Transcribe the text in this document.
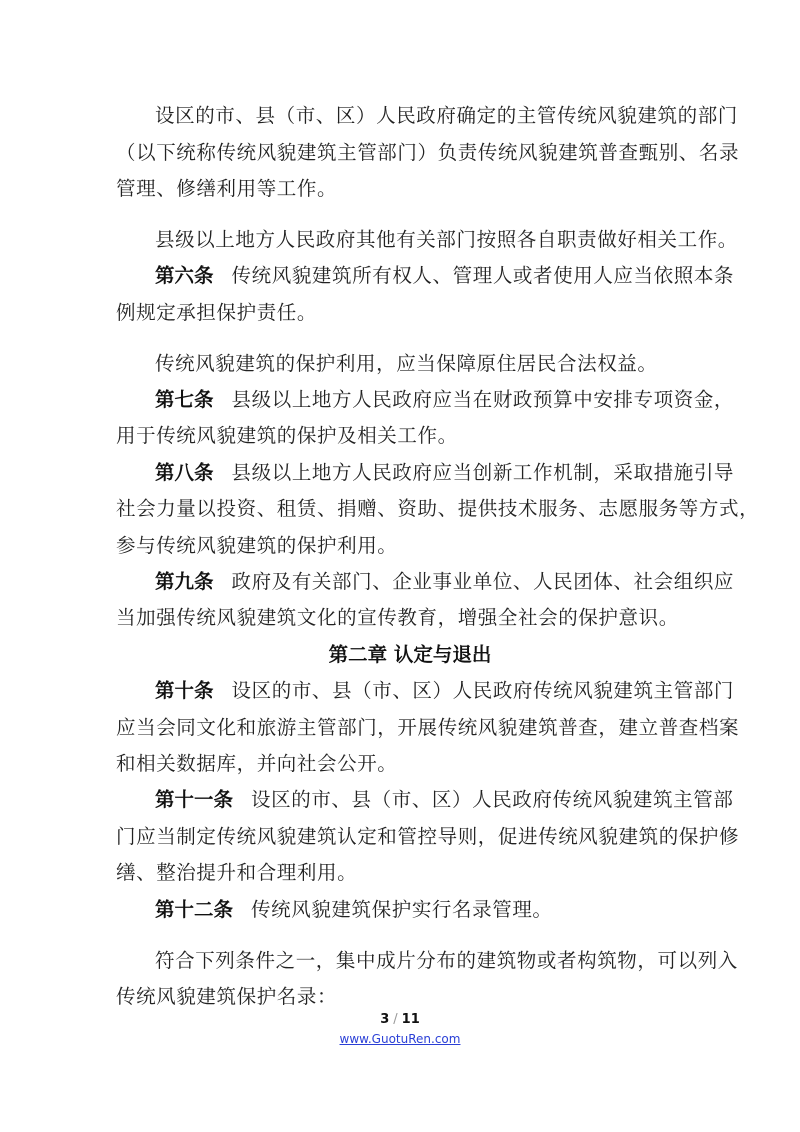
设区的市、县（市、区）人民政府确定的主管传统风貌建筑的部门
（以下统称传统风貌建筑主管部门）负责传统风貌建筑普查甄别、名录
管理、修缮利用等工作。
县级以上地方人民政府其他有关部门按照各自职责做好相关工作。
第六条 传统风貌建筑所有权人、管理人或者使用人应当依照本条
例规定承担保护责任。
传统风貌建筑的保护利用，应当保障原住居民合法权益。
第七条 县级以上地方人民政府应当在财政预算中安排专项资金，
用于传统风貌建筑的保护及相关工作。
第八条 县级以上地方人民政府应当创新工作机制，采取措施引导
社会力量以投资、租赁、捐赠、资助、提供技术服务、志愿服务等方式，
参与传统风貌建筑的保护利用。
第九条 政府及有关部门、企业事业单位、人民团体、社会组织应
当加强传统风貌建筑文化的宣传教育，增强全社会的保护意识。
第十条 设区的市、县（市、区）人民政府传统风貌建筑主管部门
应当会同文化和旅游主管部门，开展传统风貌建筑普查，建立普查档案
和相关数据库，并向社会公开。
第十一条 设区的市、县（市、区）人民政府传统风貌建筑主管部
门应当制定传统风貌建筑认定和管控导则，促进传统风貌建筑的保护修
缮、整治提升和合理利用。
第十二条 传统风貌建筑保护实行名录管理。
符合下列条件之一，集中成片分布的建筑物或者构筑物，可以列入
传统风貌建筑保护名录：
第二章 认定与退出
3 / 11
www.GuotuRen.com
